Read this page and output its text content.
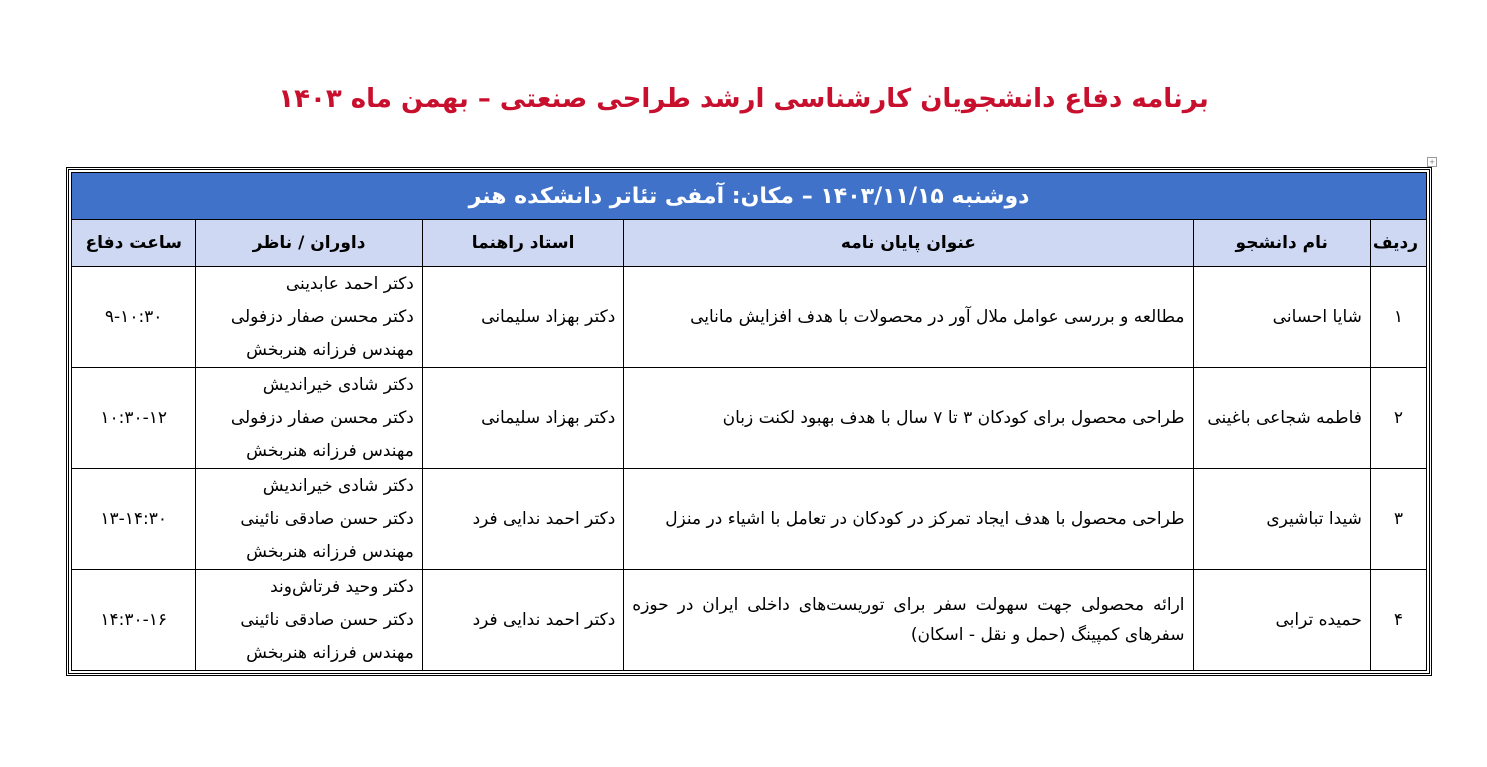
برنامه دفاع دانشجویان کارشناسی ارشد طراحی صنعتی – بهمن ماه ۱۴۰۳
+
دوشنبه ۱۴۰۳/۱۱/۱۵ – مکان: آمفی تئاتر دانشکده هنر					
ردیف	نام دانشجو	عنوان پایان نامه	استاد راهنما	داوران / ناظر	ساعت دفاع
۱	شایا احسانی	مطالعه و بررسی عوامل ملال آور در محصولات با هدف افزایش مانایی	دکتر بهزاد سلیمانی	دکتر احمد عابدینی
دکتر محسن صفار دزفولی
مهندس فرزانه هنربخش	۹-۱۰:۳۰
۲	فاطمه شجاعی باغینی	طراحی محصول برای کودکان ۳ تا ۷ سال با هدف بهبود لکنت زبان	دکتر بهزاد سلیمانی	دکتر شادی خیراندیش
دکتر محسن صفار دزفولی
مهندس فرزانه هنربخش	۱۰:۳۰-۱۲
۳	شیدا تباشیری	طراحی محصول با هدف ایجاد تمرکز در کودکان در تعامل با اشیاء در منزل	دکتر احمد ندایی فرد	دکتر شادی خیراندیش
دکتر حسن صادقی نائینی
مهندس فرزانه هنربخش	۱۳-۱۴:۳۰
۴	حمیده ترابی	ارائه محصولی جهت سهولت سفر برای توریست‌های داخلی ایران در حوزه سفرهای کمپینگ (حمل و نقل - اسکان)	دکتر احمد ندایی فرد	دکتر وحید فرتاش‌وند
دکتر حسن صادقی نائینی
مهندس فرزانه هنربخش	۱۴:۳۰-۱۶
